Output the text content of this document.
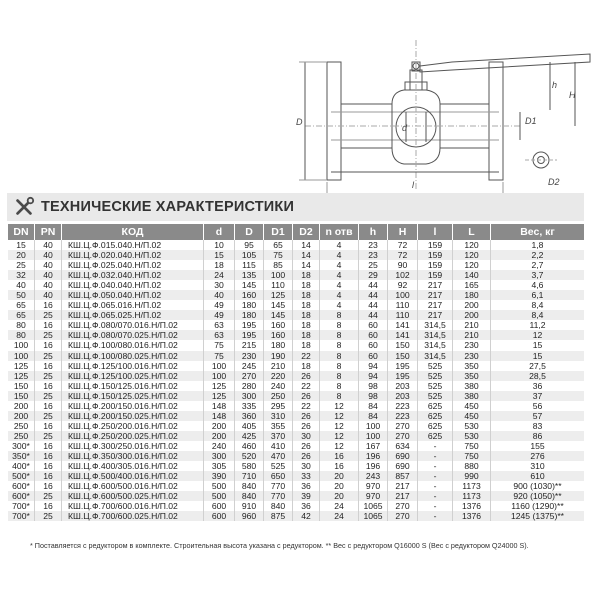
D	D1
D2
d
l
H
h
ТЕХНИЧЕСКИЕ ХАРАКТЕРИСТИКИ
DN	PN	КОД	d	D	D1	D2	n отв	h	H	l	L	Вес, кг
15	40	КШ.Ц.Ф.015.040.Н/П.02	10	95	65	14	4	23	72	159	120	1,8
20	40	КШ.Ц.Ф.020.040.Н/П.02	15	105	75	14	4	23	72	159	120	2,2
25	40	КШ.Ц.Ф.025.040.Н/П.02	18	115	85	14	4	25	90	159	120	2,7
32	40	КШ.Ц.Ф.032.040.Н/П.02	24	135	100	18	4	29	102	159	140	3,7
40	40	КШ.Ц.Ф.040.040.Н/П.02	30	145	110	18	4	44	92	217	165	4,6
50	40	КШ.Ц.Ф.050.040.Н/П.02	40	160	125	18	4	44	100	217	180	6,1
65	16	КШ.Ц.Ф.065.016.Н/П.02	49	180	145	18	4	44	110	217	200	8,4
65	25	КШ.Ц.Ф.065.025.Н/П.02	49	180	145	18	8	44	110	217	200	8,4
80	16	КШ.Ц.Ф.080/070.016.Н/П.02	63	195	160	18	8	60	141	314,5	210	11,2
80	25	КШ.Ц.Ф.080/070.025.Н/П.02	63	195	160	18	8	60	141	314,5	210	12
100	16	КШ.Ц.Ф.100/080.016.Н/П.02	75	215	180	18	8	60	150	314,5	230	15
100	25	КШ.Ц.Ф.100/080.025.Н/П.02	75	230	190	22	8	60	150	314,5	230	15
125	16	КШ.Ц.Ф.125/100.016.Н/П.02	100	245	210	18	8	94	195	525	350	27,5
125	25	КШ.Ц.Ф.125/100.025.Н/П.02	100	270	220	26	8	94	195	525	350	28,5
150	16	КШ.Ц.Ф.150/125.016.Н/П.02	125	280	240	22	8	98	203	525	380	36
150	25	КШ.Ц.Ф.150/125.025.Н/П.02	125	300	250	26	8	98	203	525	380	37
200	16	КШ.Ц.Ф.200/150.016.Н/П.02	148	335	295	22	12	84	223	625	450	56
200	25	КШ.Ц.Ф.200/150.025.Н/П.02	148	360	310	26	12	84	223	625	450	57
250	16	КШ.Ц.Ф.250/200.016.Н/П.02	200	405	355	26	12	100	270	625	530	83
250	25	КШ.Ц.Ф.250/200.025.Н/П.02	200	425	370	30	12	100	270	625	530	86
300*	16	КШ.Ц.Ф.300/250.016.Н/П.02	240	460	410	26	12	167	634	-	750	155
350*	16	КШ.Ц.Ф.350/300.016.Н/П.02	300	520	470	26	16	196	690	-	750	276
400*	16	КШ.Ц.Ф.400/305.016.Н/П.02	305	580	525	30	16	196	690	-	880	310
500*	16	КШ.Ц.Ф.500/400.016.Н/П.02	390	710	650	33	20	243	857	-	990	610
600*	16	КШ.Ц.Ф.600/500.016.Н/П.02	500	840	770	36	20	970	217	-	1173	900 (1030)**
600*	25	КШ.Ц.Ф.600/500.025.Н/П.02	500	840	770	39	20	970	217	-	1173	920 (1050)**
700*	16	КШ.Ц.Ф.700/600.016.Н/П.02	600	910	840	36	24	1065	270	-	1376	1160 (1290)**
700*	25	КШ.Ц.Ф.700/600.025.Н/П.02	600	960	875	42	24	1065	270	-	1376	1245 (1375)**
* Поставляется с редуктором в комплекте. Строительная высота указана с редуктором. ** Вес с редуктором Q16000 S (Вес с редуктором Q24000 S).
